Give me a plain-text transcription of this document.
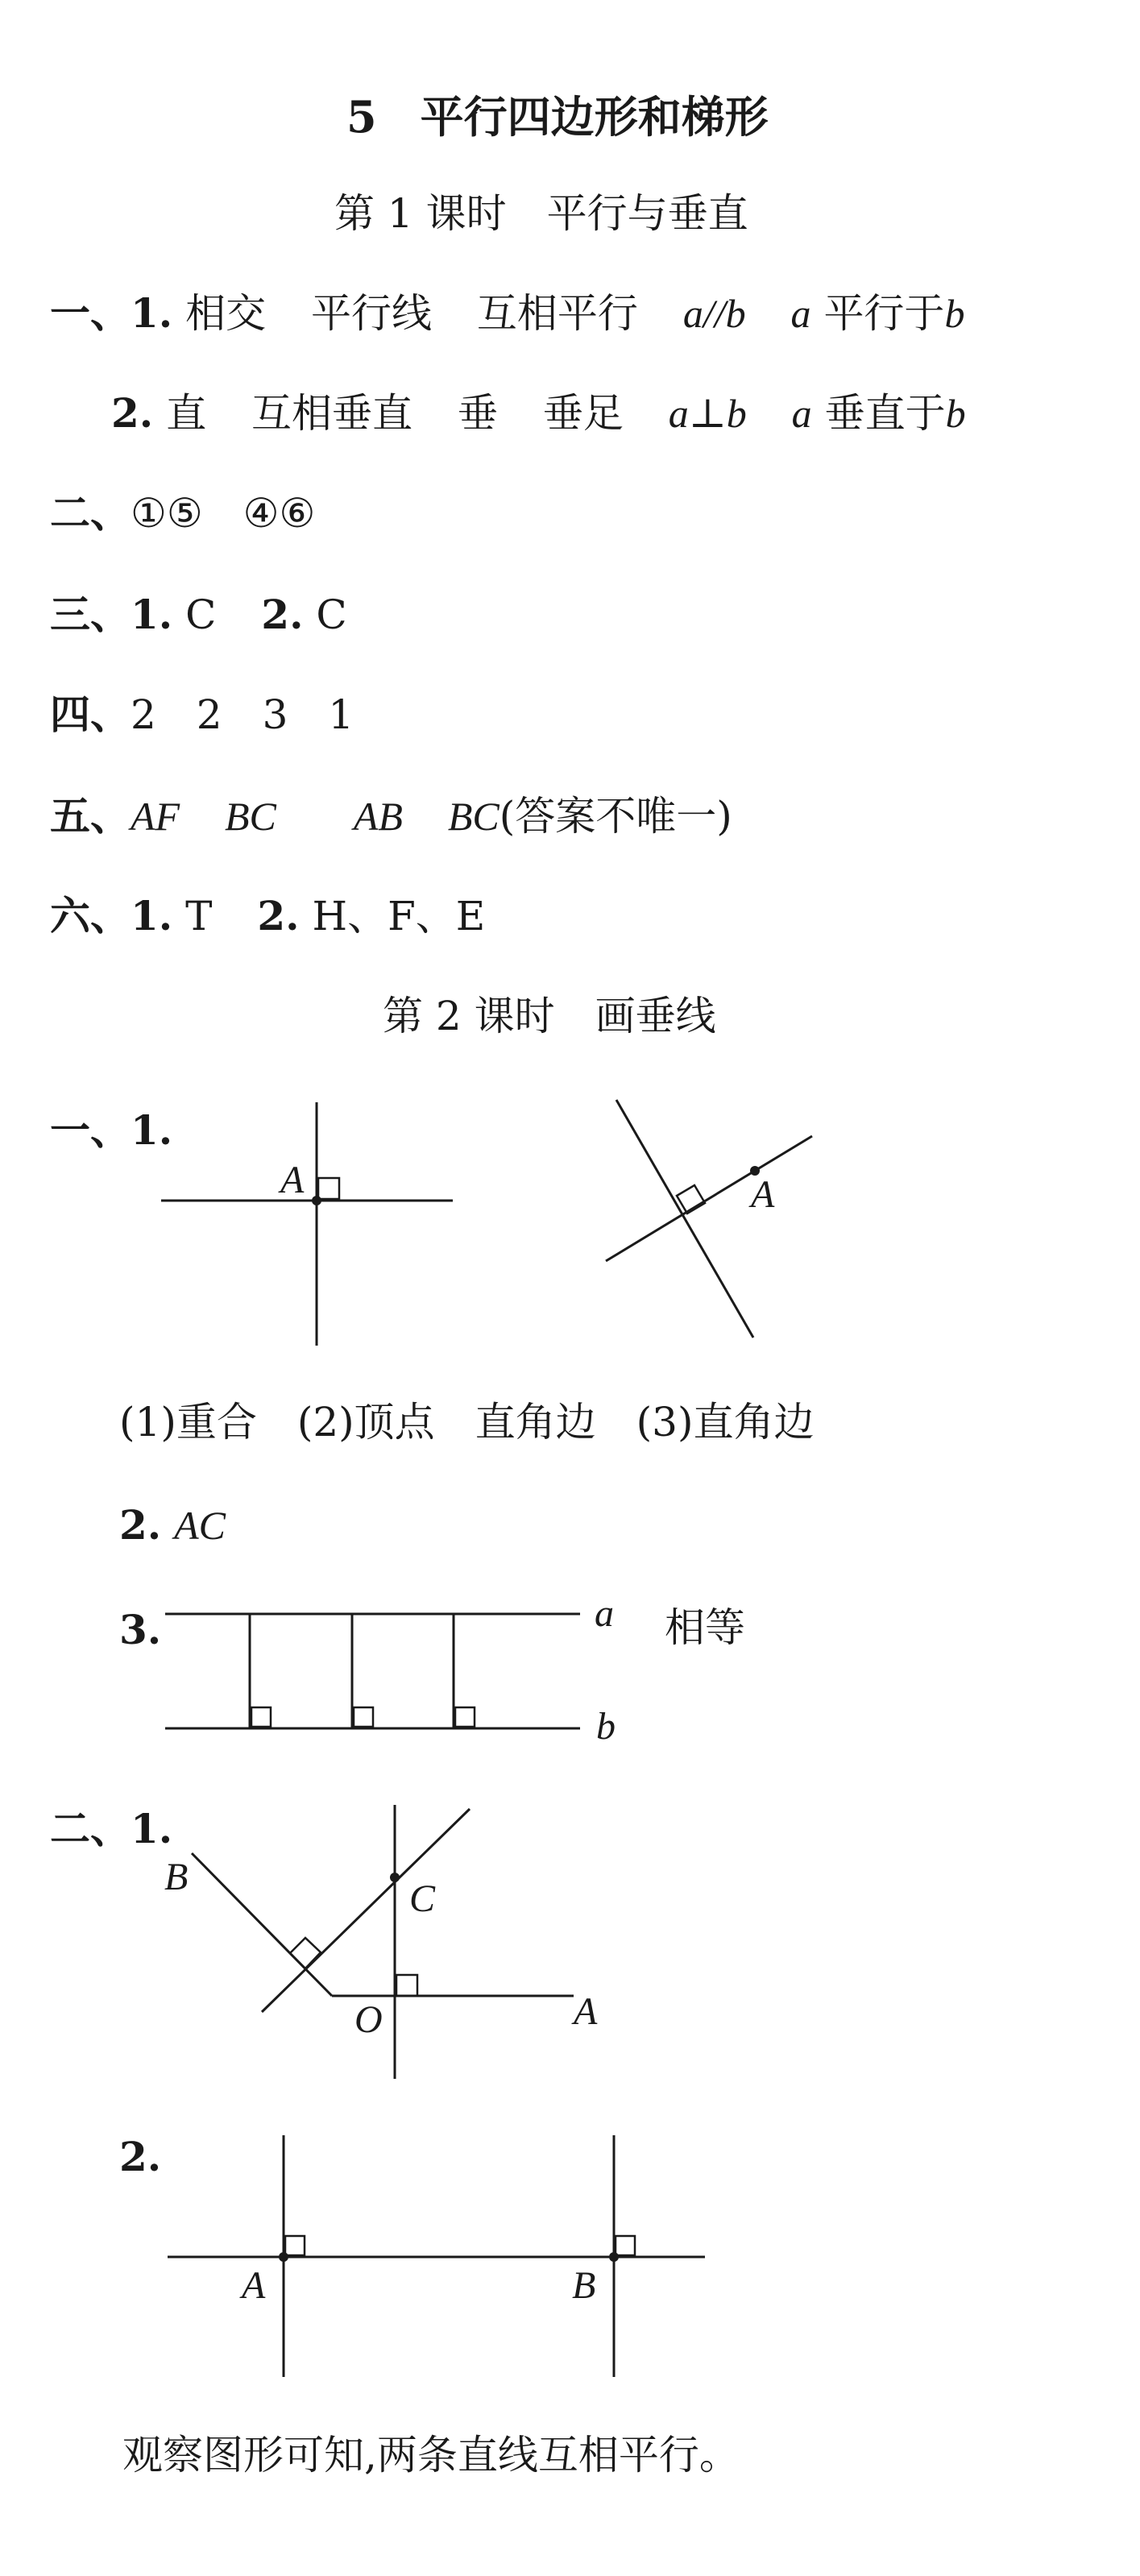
5　平行四边形和梯形
第 1 课时　平行与垂直
一、1. 相交 平行线 互相平行 a//b a 平行于b
2. 直 互相垂直 垂 垂足 a⊥b a 垂直于b
二、①⑤　④⑥
三、1. C 2. C
四、2　2　3　1
五、AF BC AB BC(答案不唯一)
六、1. T 2. H、F、E
第 2 课时　画垂线
一、1.
A	A
a
b
B
C
O	A
A	B
(1)重合　(2)顶点　直角边　(3)直角边
2. AC
3.	相等
二、1.
2.
观察图形可知,两条直线互相平行。
